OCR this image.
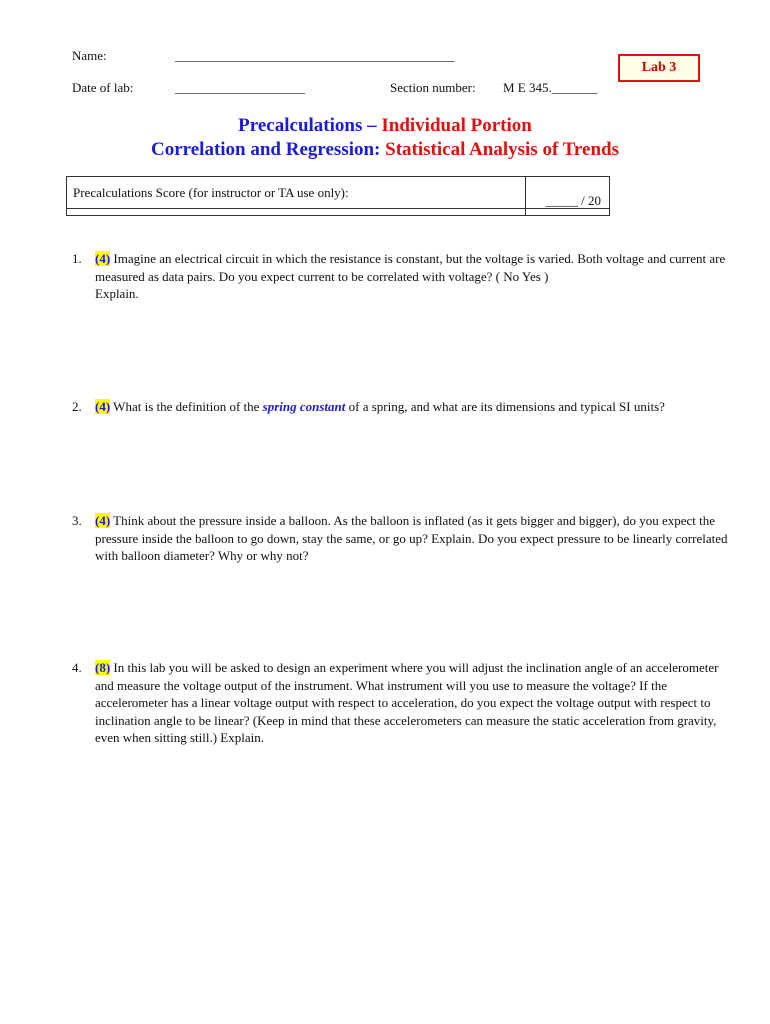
Name:	___________________________________________
Date of lab:	____________________	Section number: M E 345._______
Lab 3
Precalculations – Individual Portion
Correlation and Regression: Statistical Analysis of Trends
Precalculations Score (for instructor or TA use only):
_____ / 20
1. (4) Imagine an electrical circuit in which the resistance is constant, but the voltage is varied. Both voltage and current are measured as data pairs. Do you expect current to be correlated with voltage? ( No Yes )
Explain.
2. (4) What is the definition of the spring constant of a spring, and what are its dimensions and typical SI units?
3. (4) Think about the pressure inside a balloon. As the balloon is inflated (as it gets bigger and bigger), do you expect the pressure inside the balloon to go down, stay the same, or go up? Explain. Do you expect pressure to be linearly correlated with balloon diameter? Why or why not?
4. (8) In this lab you will be asked to design an experiment where you will adjust the inclination angle of an accelerometer and measure the voltage output of the instrument. What instrument will you use to measure the voltage? If the accelerometer has a linear voltage output with respect to acceleration, do you expect the voltage output with respect to inclination angle to be linear? (Keep in mind that these accelerometers can measure the static acceleration from gravity, even when sitting still.) Explain.
